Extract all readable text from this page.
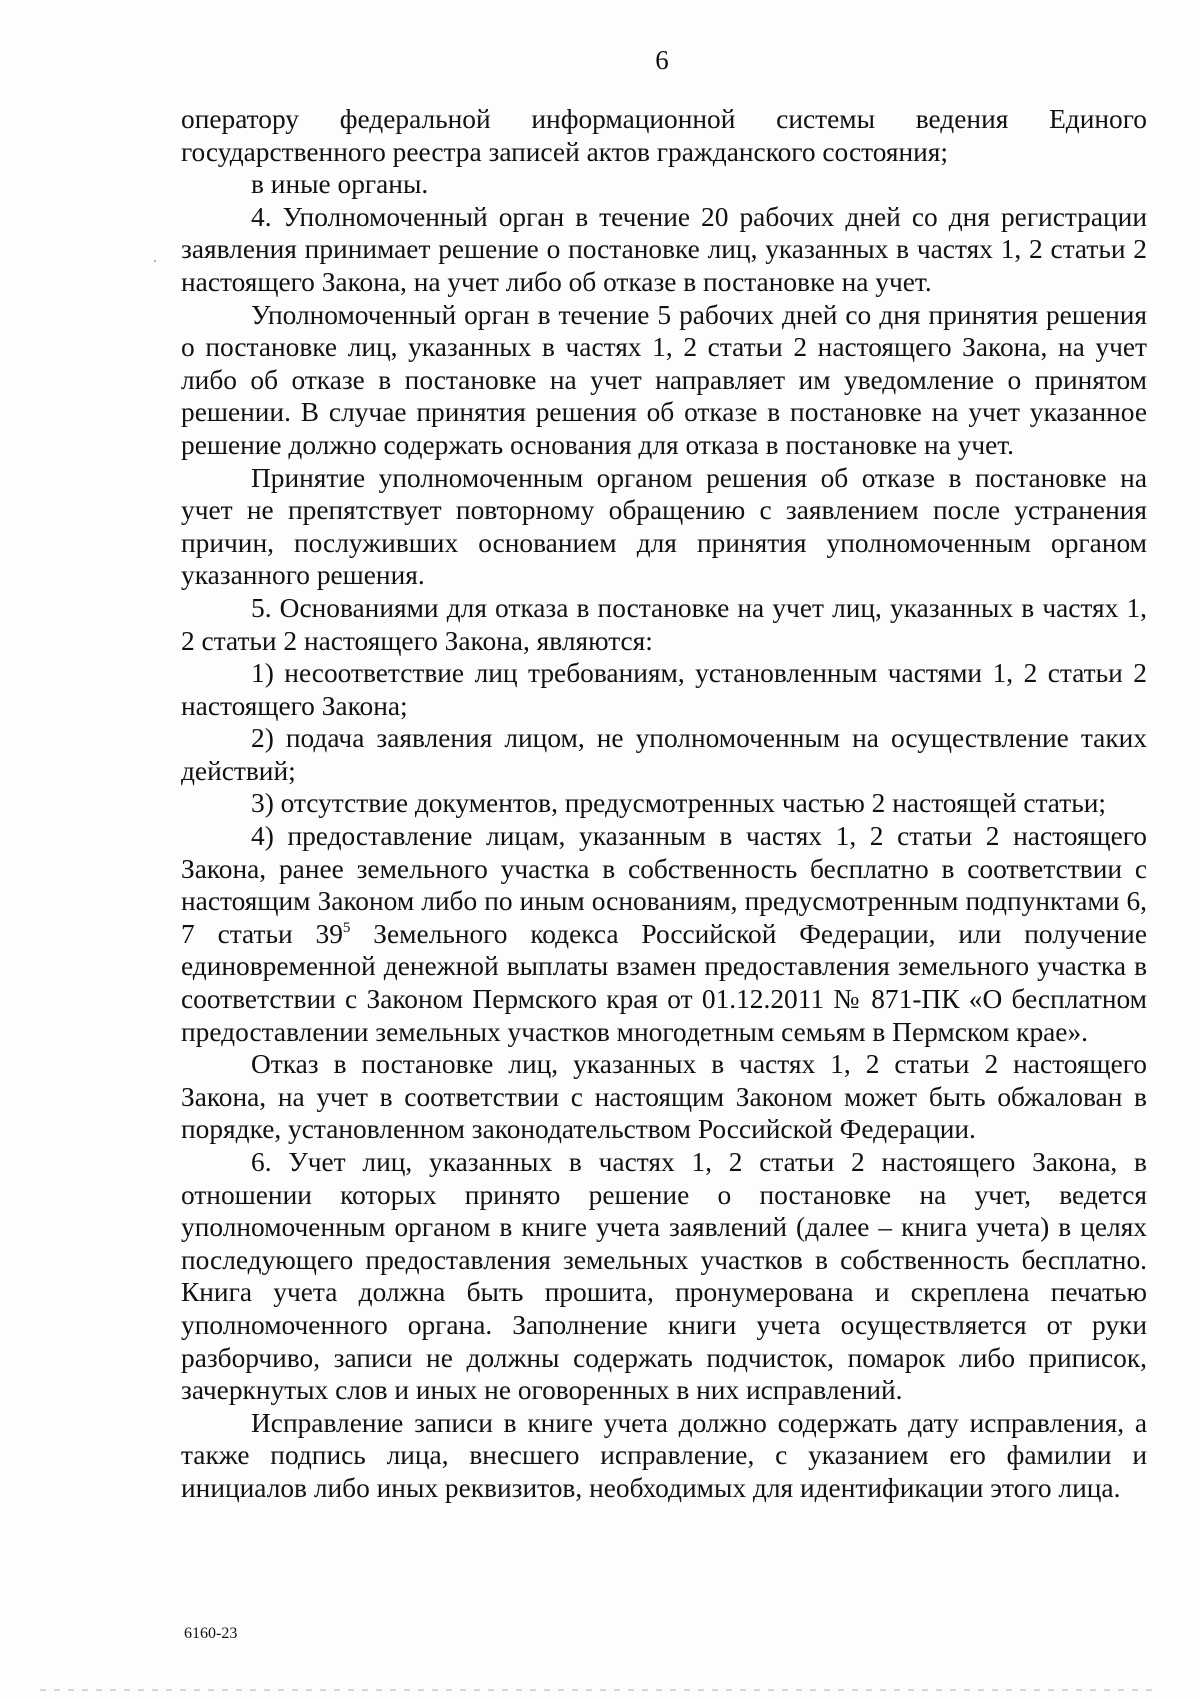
6

оператору федеральной информационной системы ведения Единого государственного реестра записей актов гражданского состояния;

в иные органы.

4. Уполномоченный орган в течение 20 рабочих дней со дня регистрации заявления принимает решение о постановке лиц, указанных в частях 1, 2 статьи 2 настоящего Закона, на учет либо об отказе в постановке на учет.

Уполномоченный орган в течение 5 рабочих дней со дня принятия решения о постановке лиц, указанных в частях 1, 2 статьи 2 настоящего Закона, на учет либо об отказе в постановке на учет направляет им уведомление о принятом решении. В случае принятия решения об отказе в постановке на учет указанное решение должно содержать основания для отказа в постановке на учет.

Принятие уполномоченным органом решения об отказе в постановке на учет не препятствует повторному обращению с заявлением после устранения причин, послуживших основанием для принятия уполномоченным органом указанного решения.

5. Основаниями для отказа в постановке на учет лиц, указанных в частях 1, 2 статьи 2 настоящего Закона, являются:

1) несоответствие лиц требованиям, установленным частями 1, 2 статьи 2 настоящего Закона;

2) подача заявления лицом, не уполномоченным на осуществление таких действий;

3) отсутствие документов, предусмотренных частью 2 настоящей статьи;

4) предоставление лицам, указанным в частях 1, 2 статьи 2 настоящего Закона, ранее земельного участка в собственность бесплатно в соответствии с настоящим Законом либо по иным основаниям, предусмотренным подпунктами 6, 7 статьи $39^5$ Земельного кодекса Российской Федерации, или получение единовременной денежной выплаты взамен предоставления земельного участка в соответствии с Законом Пермского края от 01.12.2011 № 871-ПК «О бесплатном предоставлении земельных участков многодетным семьям в Пермском крае».

Отказ в постановке лиц, указанных в частях 1, 2 статьи 2 настоящего Закона, на учет в соответствии с настоящим Законом может быть обжалован в порядке, установленном законодательством Российской Федерации.

6. Учет лиц, указанных в частях 1, 2 статьи 2 настоящего Закона, в отношении которых принято решение о постановке на учет, ведется уполномоченным органом в книге учета заявлений (далее – книга учета) в целях последующего предоставления земельных участков в собственность бесплатно. Книга учета должна быть прошита, пронумерована и скреплена печатью уполномоченного органа. Заполнение книги учета осуществляется от руки разборчиво, записи не должны содержать подчисток, помарок либо приписок, зачеркнутых слов и иных не оговоренных в них исправлений.

Исправление записи в книге учета должно содержать дату исправления, а также подпись лица, внесшего исправление, с указанием его фамилии и инициалов либо иных реквизитов, необходимых для идентификации этого лица.

6160-23
